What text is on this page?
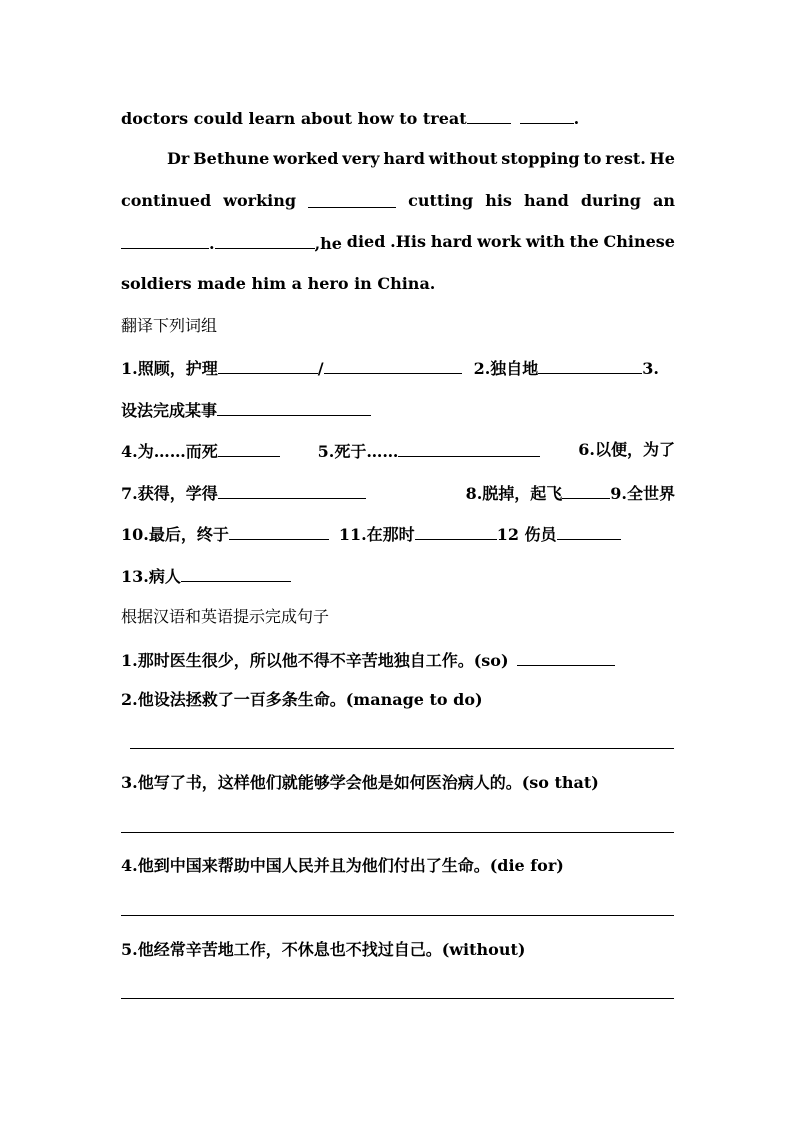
doctors could learn about how to treat	.
Dr Bethune worked very hard without stopping to rest. He
continued working	cutting his hand during an
.	,he died .His hard work with the Chinese
soldiers made him a hero in China.
翻译下列词组
1.照顾，护理	/	2.独自地	3.
设法完成某事
4.为……而死	5.死于……	6.以便，为了
7.获得，学得	8.脱掉，起飞	9.全世界
10.最后，终于	11.在那时	12 伤员
13.病人
根据汉语和英语提示完成句子
1.那时医生很少，所以他不得不辛苦地独自工作。(so)
2.他设法拯救了一百多条生命。(manage to do)
3.他写了书，这样他们就能够学会他是如何医治病人的。(so that)
4.他到中国来帮助中国人民并且为他们付出了生命。(die for)
5.他经常辛苦地工作，不休息也不找过自己。(without)
